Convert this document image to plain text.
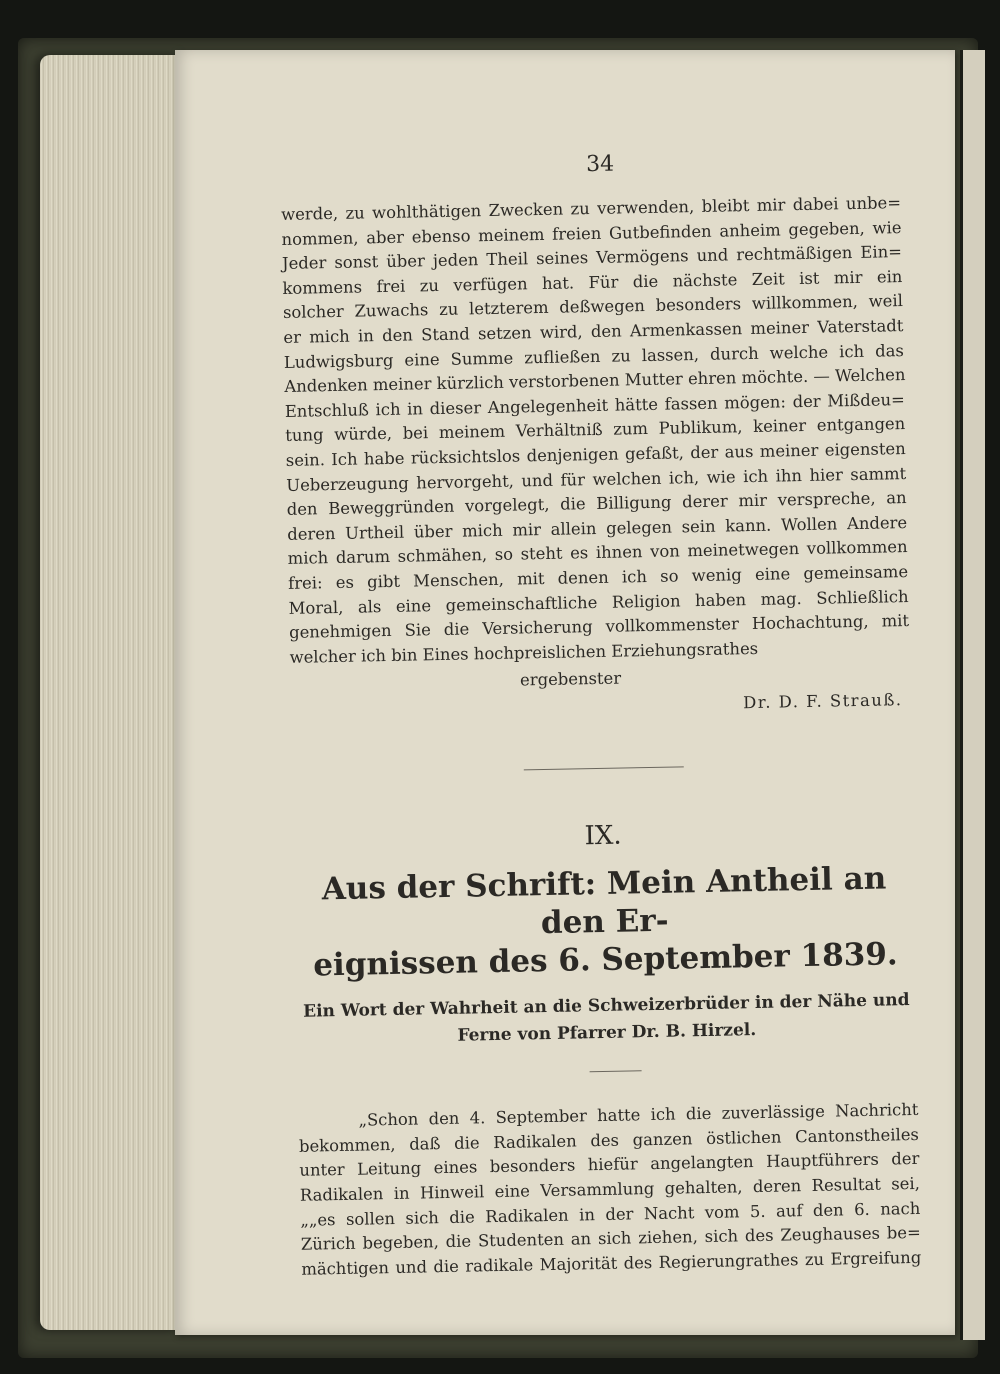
34
werde, zu wohlthätigen Zwecken zu verwenden, bleibt mir dabei unbe=
nommen, aber ebenso meinem freien Gutbefinden anheim gegeben, wie
Jeder sonst über jeden Theil seines Vermögens und rechtmäßigen Ein=
kommens frei zu verfügen hat. Für die nächste Zeit ist mir ein
solcher Zuwachs zu letzterem deßwegen besonders willkommen, weil
er mich in den Stand setzen wird, den Armenkassen meiner Vaterstadt
Ludwigsburg eine Summe zufließen zu lassen, durch welche ich das
Andenken meiner kürzlich verstorbenen Mutter ehren möchte. — Welchen
Entschluß ich in dieser Angelegenheit hätte fassen mögen: der Mißdeu=
tung würde, bei meinem Verhältniß zum Publikum, keiner entgangen
sein. Ich habe rücksichtslos denjenigen gefaßt, der aus meiner eigensten
Ueberzeugung hervorgeht, und für welchen ich, wie ich ihn hier sammt
den Beweggründen vorgelegt, die Billigung derer mir verspreche, an
deren Urtheil über mich mir allein gelegen sein kann. Wollen Andere
mich darum schmähen, so steht es ihnen von meinetwegen vollkommen
frei: es gibt Menschen, mit denen ich so wenig eine gemeinsame
Moral, als eine gemeinschaftliche Religion haben mag. Schließlich
genehmigen Sie die Versicherung vollkommenster Hochachtung, mit
welcher ich bin Eines hochpreislichen Erziehungsrathes
ergebenster
Dr. D. F. Strauß.
IX.
Aus der Schrift: Mein Antheil an den Er-
eignissen des 6. September 1839.
Ein Wort der Wahrheit an die Schweizerbrüder in der Nähe und
Ferne von Pfarrer Dr. B. Hirzel.
„Schon den 4. September hatte ich die zuverlässige Nachricht
bekommen, daß die Radikalen des ganzen östlichen Cantonstheiles
unter Leitung eines besonders hiefür angelangten Hauptführers der
Radikalen in Hinweil eine Versammlung gehalten, deren Resultat sei,
„„es sollen sich die Radikalen in der Nacht vom 5. auf den 6. nach
Zürich begeben, die Studenten an sich ziehen, sich des Zeughauses be=
mächtigen und die radikale Majorität des Regierungrathes zu Ergreifung
